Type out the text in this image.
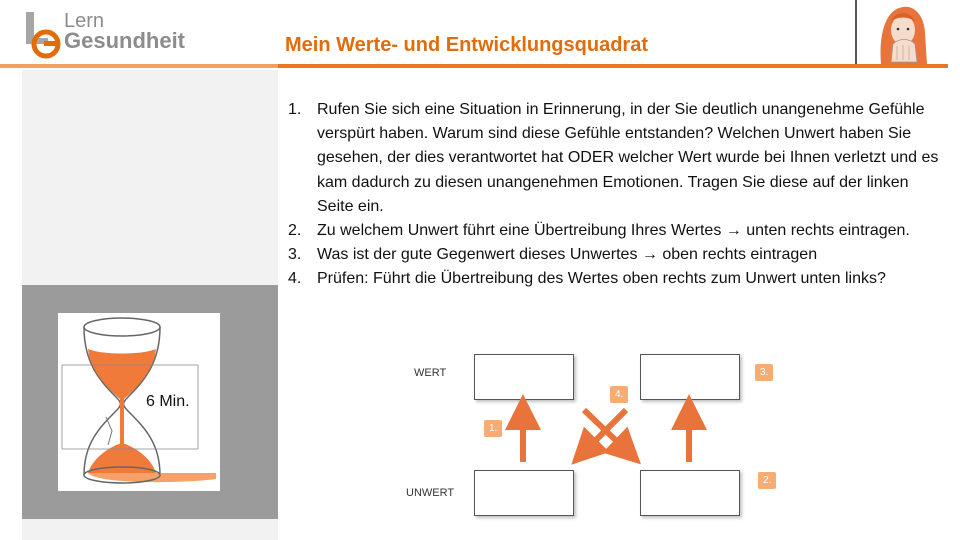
Lern
Gesundheit	Mein Werte- und Entwicklungsquadrat
6 Min.
1. Rufen Sie sich eine Situation in Erinnerung, in der Sie deutlich unangenehme Gefühle verspürt haben. Warum sind diese Gefühle entstanden? Welchen Unwert haben Sie gesehen, der dies verantwortet hat ODER welcher Wert wurde bei Ihnen verletzt und es kam dadurch zu diesen unangenehmen Emotionen. Tragen Sie diese auf der linken Seite ein.
2. Zu welchem Unwert führt eine Übertreibung Ihres Wertes → unten rechts eintragen.
3. Was ist der gute Gegenwert dieses Unwertes → oben rechts eintragen
4. Prüfen: Führt die Übertreibung des Wertes oben rechts zum Unwert unten links?
WERT
UNWERT
1.
2.
3.
4.
